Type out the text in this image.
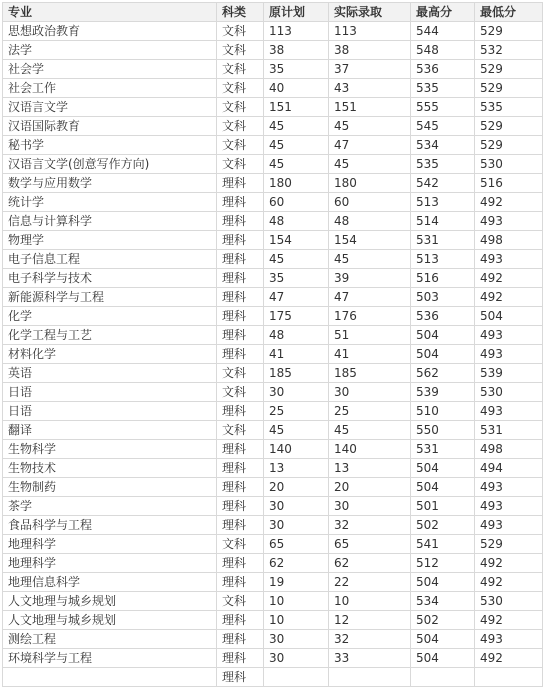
专业	科类	原计划	实际录取	最高分	最低分
思想政治教育	文科	113	113	544	529
法学	文科	38	38	548	532
社会学	文科	35	37	536	529
社会工作	文科	40	43	535	529
汉语言文学	文科	151	151	555	535
汉语国际教育	文科	45	45	545	529
秘书学	文科	45	47	534	529
汉语言文学(创意写作方向)	文科	45	45	535	530
数学与应用数学	理科	180	180	542	516
统计学	理科	60	60	513	492
信息与计算科学	理科	48	48	514	493
物理学	理科	154	154	531	498
电子信息工程	理科	45	45	513	493
电子科学与技术	理科	35	39	516	492
新能源科学与工程	理科	47	47	503	492
化学	理科	175	176	536	504
化学工程与工艺	理科	48	51	504	493
材料化学	理科	41	41	504	493
英语	文科	185	185	562	539
日语	文科	30	30	539	530
日语	理科	25	25	510	493
翻译	文科	45	45	550	531
生物科学	理科	140	140	531	498
生物技术	理科	13	13	504	494
生物制药	理科	20	20	504	493
茶学	理科	30	30	501	493
食品科学与工程	理科	30	32	502	493
地理科学	文科	65	65	541	529
地理科学	理科	62	62	512	492
地理信息科学	理科	19	22	504	492
人文地理与城乡规划	文科	10	10	534	530
人文地理与城乡规划	理科	10	12	502	492
测绘工程	理科	30	32	504	493
环境科学与工程	理科	30	33	504	492
	理科				
